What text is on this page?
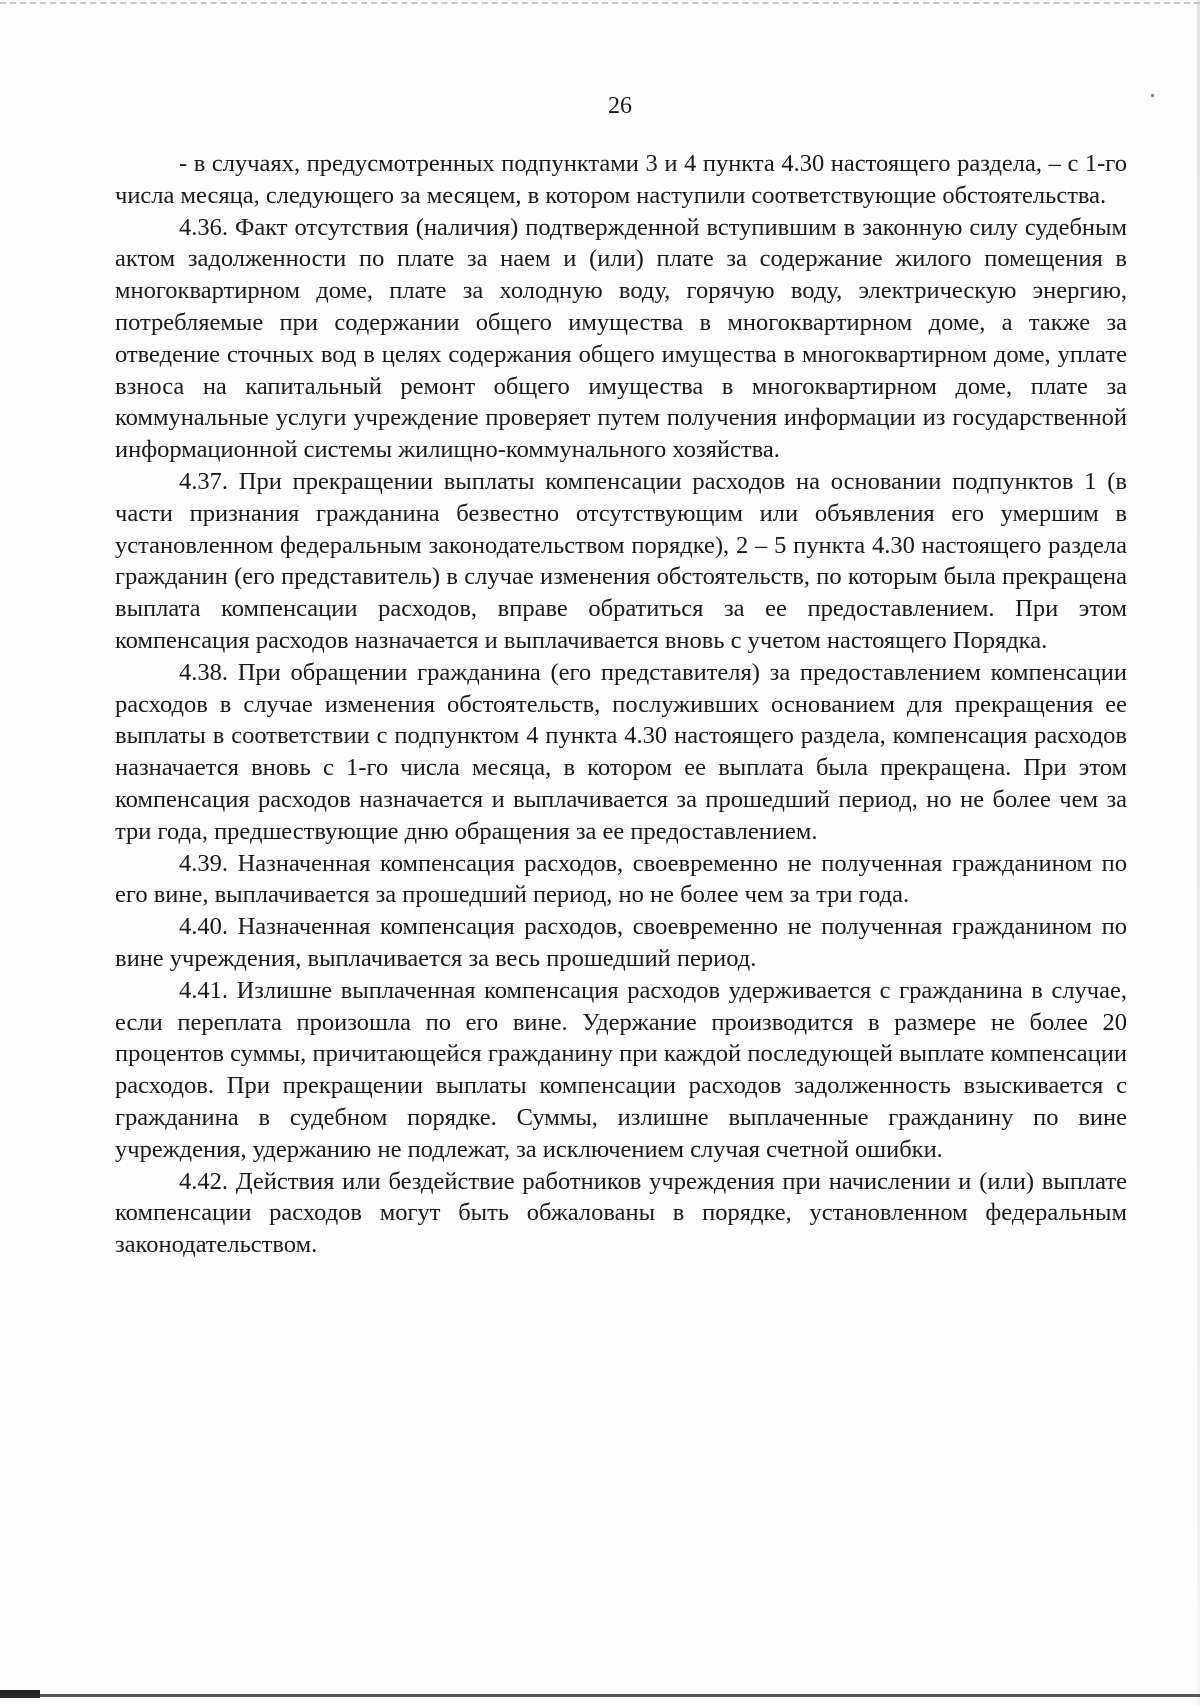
26

- в случаях, предусмотренных подпунктами 3 и 4 пункта 4.30 настоящего раздела, – с 1-го числа месяца, следующего за месяцем, в котором наступили соответствующие обстоятельства.

4.36. Факт отсутствия (наличия) подтвержденной вступившим в законную силу судебным актом задолженности по плате за наем и (или) плате за содержание жилого помещения в многоквартирном доме, плате за холодную воду, горячую воду, электрическую энергию, потребляемые при содержании общего имущества в многоквартирном доме, а также за отведение сточных вод в целях содержания общего имущества в многоквартирном доме, уплате взноса на капитальный ремонт общего имущества в многоквартирном доме, плате за коммунальные услуги учреждение проверяет путем получения информации из государственной информационной системы жилищно-коммунального хозяйства.

4.37. При прекращении выплаты компенсации расходов на основании подпунктов 1 (в части признания гражданина безвестно отсутствующим или объявления его умершим в установленном федеральным законодательством порядке), 2 – 5 пункта 4.30 настоящего раздела гражданин (его представитель) в случае изменения обстоятельств, по которым была прекращена выплата компенсации расходов, вправе обратиться за ее предоставлением. При этом компенсация расходов назначается и выплачивается вновь с учетом настоящего Порядка.

4.38. При обращении гражданина (его представителя) за предоставлением компенсации расходов в случае изменения обстоятельств, послуживших основанием для прекращения ее выплаты в соответствии с подпунктом 4 пункта 4.30 настоящего раздела, компенсация расходов назначается вновь с 1-го числа месяца, в котором ее выплата была прекращена. При этом компенсация расходов назначается и выплачивается за прошедший период, но не более чем за три года, предшествующие дню обращения за ее предоставлением.

4.39. Назначенная компенсация расходов, своевременно не полученная гражданином по его вине, выплачивается за прошедший период, но не более чем за три года.

4.40. Назначенная компенсация расходов, своевременно не полученная гражданином по вине учреждения, выплачивается за весь прошедший период.

4.41. Излишне выплаченная компенсация расходов удерживается с гражданина в случае, если переплата произошла по его вине. Удержание производится в размере не более 20 процентов суммы, причитающейся гражданину при каждой последующей выплате компенсации расходов. При прекращении выплаты компенсации расходов задолженность взыскивается с гражданина в судебном порядке. Суммы, излишне выплаченные гражданину по вине учреждения, удержанию не подлежат, за исключением случая счетной ошибки.

4.42. Действия или бездействие работников учреждения при начислении и (или) выплате компенсации расходов могут быть обжалованы в порядке, установленном федеральным законодательством.
